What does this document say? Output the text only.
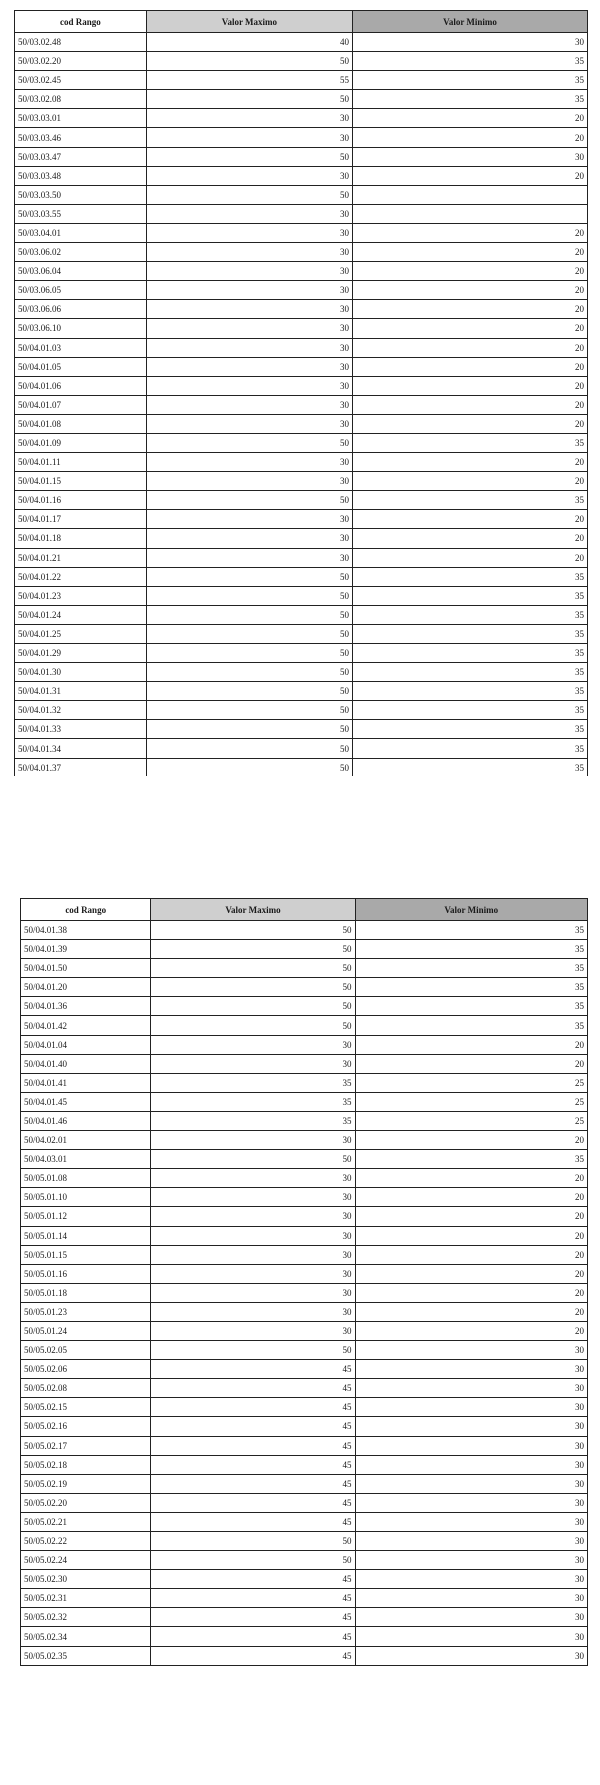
cod Rango	Valor Maximo	Valor Minimo
50/03.02.48	40	30
50/03.02.20	50	35
50/03.02.45	55	35
50/03.02.08	50	35
50/03.03.01	30	20
50/03.03.46	30	20
50/03.03.47	50	30
50/03.03.48	30	20
50/03.03.50	50	
50/03.03.55	30	
50/03.04.01	30	20
50/03.06.02	30	20
50/03.06.04	30	20
50/03.06.05	30	20
50/03.06.06	30	20
50/03.06.10	30	20
50/04.01.03	30	20
50/04.01.05	30	20
50/04.01.06	30	20
50/04.01.07	30	20
50/04.01.08	30	20
50/04.01.09	50	35
50/04.01.11	30	20
50/04.01.15	30	20
50/04.01.16	50	35
50/04.01.17	30	20
50/04.01.18	30	20
50/04.01.21	30	20
50/04.01.22	50	35
50/04.01.23	50	35
50/04.01.24	50	35
50/04.01.25	50	35
50/04.01.29	50	35
50/04.01.30	50	35
50/04.01.31	50	35
50/04.01.32	50	35
50/04.01.33	50	35
50/04.01.34	50	35
50/04.01.37	50	35
cod Rango	Valor Maximo	Valor Minimo
50/04.01.38	50	35
50/04.01.39	50	35
50/04.01.50	50	35
50/04.01.20	50	35
50/04.01.36	50	35
50/04.01.42	50	35
50/04.01.04	30	20
50/04.01.40	30	20
50/04.01.41	35	25
50/04.01.45	35	25
50/04.01.46	35	25
50/04.02.01	30	20
50/04.03.01	50	35
50/05.01.08	30	20
50/05.01.10	30	20
50/05.01.12	30	20
50/05.01.14	30	20
50/05.01.15	30	20
50/05.01.16	30	20
50/05.01.18	30	20
50/05.01.23	30	20
50/05.01.24	30	20
50/05.02.05	50	30
50/05.02.06	45	30
50/05.02.08	45	30
50/05.02.15	45	30
50/05.02.16	45	30
50/05.02.17	45	30
50/05.02.18	45	30
50/05.02.19	45	30
50/05.02.20	45	30
50/05.02.21	45	30
50/05.02.22	50	30
50/05.02.24	50	30
50/05.02.30	45	30
50/05.02.31	45	30
50/05.02.32	45	30
50/05.02.34	45	30
50/05.02.35	45	30
